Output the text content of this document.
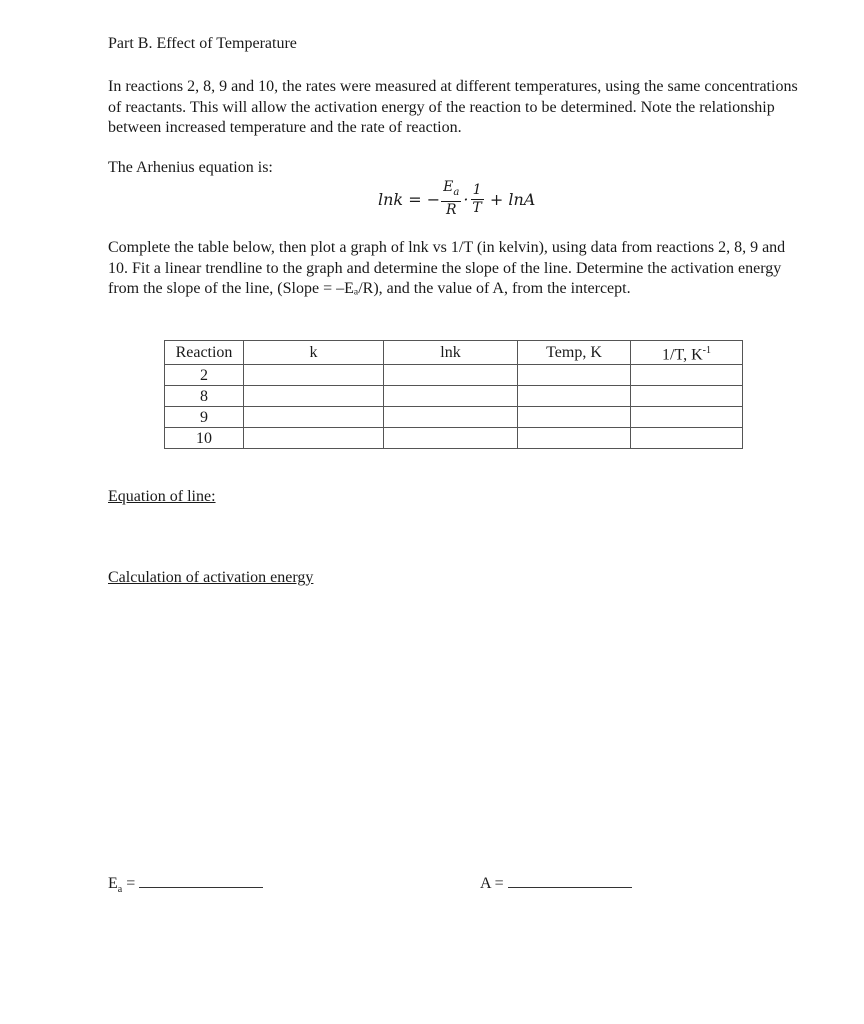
Part B. Effect of Temperature

In reactions 2, 8, 9 and 10, the rates were measured at different temperatures, using the same concentrations of reactants. This will allow the activation energy of the reaction to be determined. Note the relationship between increased temperature and the rate of reaction.

The Arhenius equation is:

lnk = − $\frac{E_a}{R} \cdot \frac{1}{T} + \ln A$

Complete the table below, then plot a graph of lnk vs 1/T (in kelvin), using data from reactions 2, 8, 9 and 10. Fit a linear trendline to the graph and determine the slope of the line. Determine the activation energy from the slope of the line, (Slope = –Eₐ/R), and the value of A, from the intercept.

Reaction	k	lnk	Temp, K	1/T, $K^{-1}$
2				
8				
9				
10				

Equation of line:

Calculation of activation energy

$E_a$ =	A =
